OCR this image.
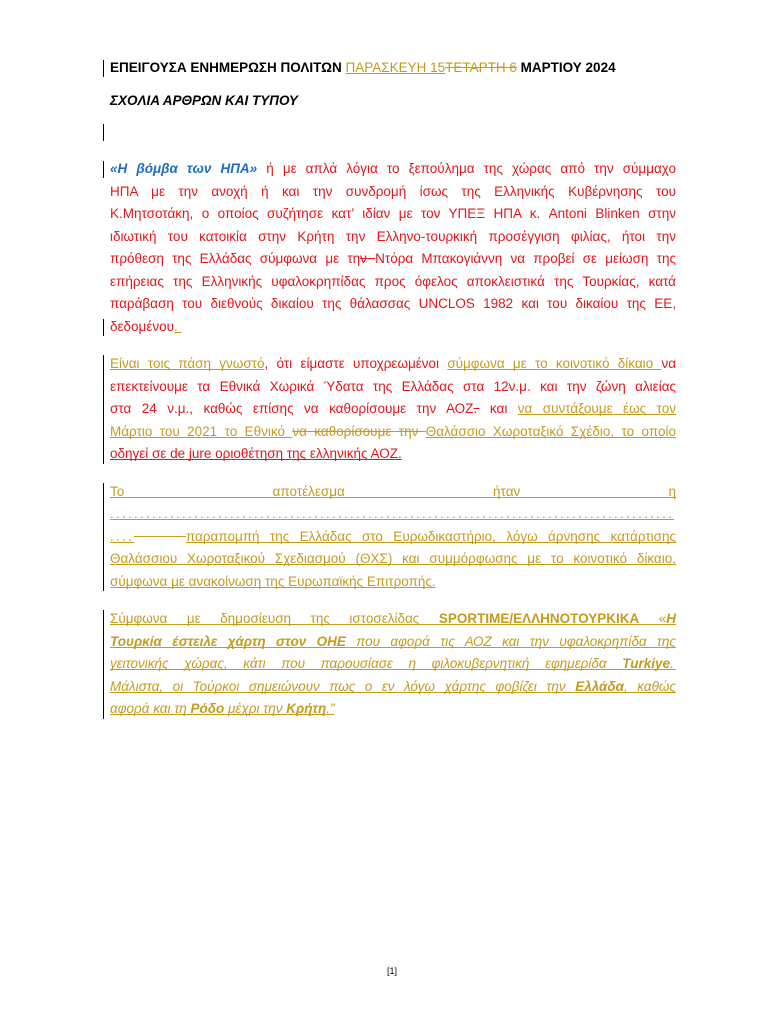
ΕΠΕΙΓΟΥΣΑ ΕΝΗΜΕΡΩΣΗ ΠΟΛΙΤΩΝ ΠΑΡΑΣΚΕΥΗ 15ΤΕΤΑΡΤΗ 6 ΜΑΡΤΙΟΥ 2024
ΣΧΟΛΙΑ ΑΡΘΡΩΝ ΚΑΙ ΤΥΠΟΥ
«Η βόμβα των ΗΠΑ» ή με απλά λόγια το ξεπούλημα της χώρας από την σύμμαχο
ΗΠΑ με την ανοχή ή και την συνδρομή ίσως της Ελληνικής Κυβέρνησης του
Κ.Μητσοτάκη, ο οποίος συζήτησε κατ’ ιδίαν με τον ΥΠΕΞ ΗΠΑ κ. Antoni Blinken στην
ιδιωτική του κατοικία στην Κρήτη την Ελληνο-τουρκική προσέγγιση φιλίας, ήτοι την
πρόθεση της Ελλάδας σύμφωνα με την Ντόρα Μπακογιάννη να προβεί σε μείωση της
επήρειας της Ελληνικής υφαλοκρηπίδας προς όφελος αποκλειστικά της Τουρκίας, κατά
παράβαση του διεθνούς δικαίου της θάλασσας UNCLOS 1982 και του δικαίου της ΕΕ,
δεδομένου.
Είναι τοις πάση γνωστό, ότι είμαστε υποχρεωμένοι σύμφωνα με το κοινοτικό δίκαιο να
επεκτείνουμε τα Εθνικά Χωρικά Ύδατα της Ελλάδας στα 12ν.μ. και την ζώνη αλιείας
στα 24 ν.μ., καθώς επίσης να καθορίσουμε την ΑΟΖ. και να συντάξουμε έως τον
Μάρτιο του 2021 το Εθνικό να καθορίσουμε την Θαλάσσιο Χωροταξικό Σχέδιο, το οποίο
οδηγεί σε de jure οριοθέτηση της ελληνικής ΑΟΖ.
Το αποτέλεσμα ήταν η
..............................................................................................
....	παραπομπή της Ελλάδας στο Ευρωδικαστήριο, λόγω άρνησης κατάρτισης
Θαλάσσιου Χωροταξικού Σχεδιασμού (ΘΧΣ) και συμμόρφωσης με το κοινοτικό δίκαιο,
σύμφωνα με ανακοίνωση της Ευρωπαϊκής Επιτροπής.
Σύμφωνα με δημοσίευση της ιστοσελίδας SPORTIME/ΕΛΛΗΝΟΤΟΥΡΚΙΚΑ «Η
Τουρκία έστειλε χάρτη στον ΟΗΕ που αφορά τις ΑΟΖ και την υφαλοκρηπίδα της
γειτονικής χώρας, κάτι που παρουσίασε η φιλοκυβερνητική εφημερίδα Turkiye.
Μάλιστα, οι Τούρκοι σημειώνουν πως ο εν λόγω χάρτης φοβίζει την Ελλάδα, καθώς
αφορά και τη Ρόδο μέχρι την Κρήτη.”
[1]
